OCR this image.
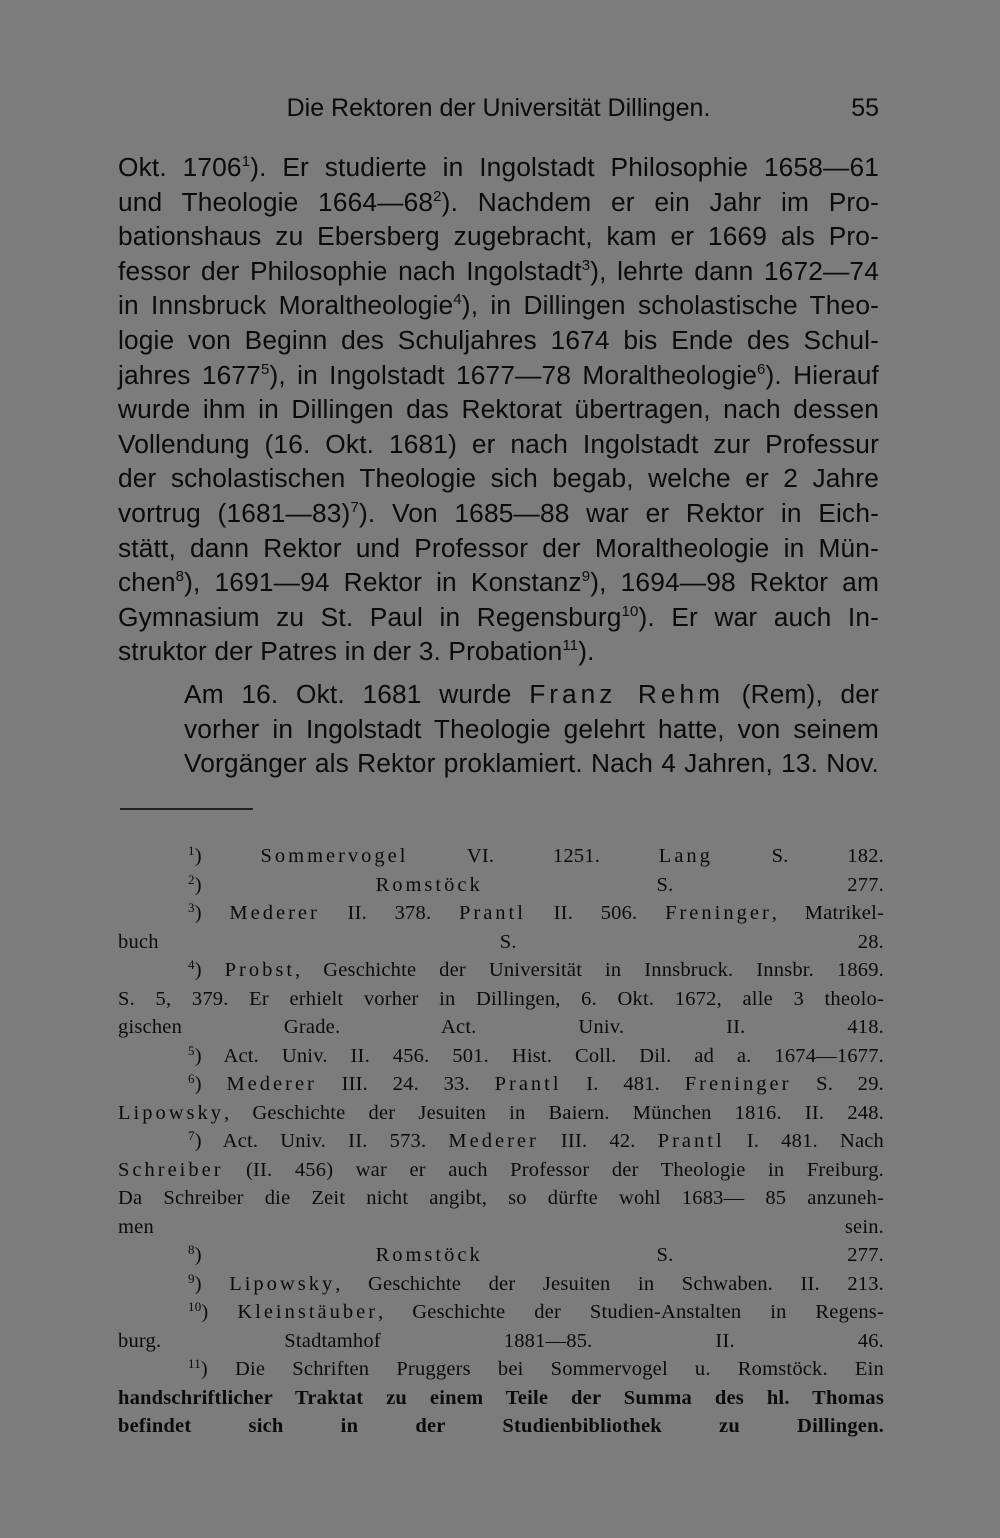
Die Rektoren der Universität Dillingen.	55

Okt. 1706$^1$). Er studierte in Ingolstadt Philosophie 1658—61
und Theologie $1664—68^2$). Nachdem er ein Jahr im Pro-
bationshaus zu Ebersberg zugebracht, kam er 1669 als Pro-
fessor der Philosophie nach Ingolstadt$^3$), lehrte dann 1672—74
in Innsbruck Moraltheologie$^4$), in Dillingen scholastische Theo-
logie von Beginn des Schuljahres 1674 bis Ende des Schul-
jahres 1677$^5$), in Ingolstadt 1677—78 Moraltheologie$^6$). Hierauf
wurde ihm in Dillingen das Rektorat übertragen, nach dessen
Vollendung (16. Okt. 1681) er nach Ingolstadt zur Professur
der scholastischen Theologie sich begab, welche er 2 Jahre
vortrug (1681—83)$^7$). Von 1685—88 war er Rektor in Eich-
stätt, dann Rektor und Professor der Moraltheologie in Mün-
chen$^8$), 1691—94 Rektor in Konstanz$^9$), 1694—98 Rektor am
Gymnasium zu St. Paul in Regensburg$^{10}$). Er war auch In-
struktor der Patres in der 3. Probation$^{11}$).

Am 16. Okt. 1681 wurde Franz Rehm (Rem), der
vorher in Ingolstadt Theologie gelehrt hatte, von seinem
Vorgänger als Rektor proklamiert. Nach 4 Jahren, 13. Nov.

$^1$) Sommervogel VI. 1251. Lang S. 182.
$^2$) Romstöck S. 277.
$^3$) Mederer II. 378. Prantl II. 506. Freninger, Matrikel-
buch S. 28.
$^4$) Probst, Geschichte der Universität in Innsbruck. Innsbr. 1869.
S. 5, 379. Er erhielt vorher in Dillingen, 6. Okt. 1672, alle 3 theolo-
gischen Grade. Act. Univ. II. 418.
$^5$) Act. Univ. II. 456. 501. Hist. Coll. Dil. ad a. 1674—1677.
$^6$) Mederer III. 24. 33. Prantl I. 481. Freninger S. 29.
Lipowsky, Geschichte der Jesuiten in Baiern. München 1816. II. 248.
$^7$) Act. Univ. II. 573. Mederer III. 42. Prantl I. 481. Nach
Schreiber (II. 456) war er auch Professor der Theologie in Freiburg.
Da Schreiber die Zeit nicht angibt, so dürfte wohl 1683— 85 anzuneh-
men sein.
$^8$) Romstöck S. 277.
$^9$) Lipowsky, Geschichte der Jesuiten in Schwaben. II. 213.
$^{10}$) Kleinstäuber, Geschichte der Studien-Anstalten in Regens-
burg. Stadtamhof 1881—85. II. 46.
$^{11}$) Die Schriften Pruggers bei Sommervogel u. Romstöck. Ein
handschriftlicher Traktat zu einem Teile der Summa des hl. Thomas
befindet sich in der Studienbibliothek zu Dillingen.
